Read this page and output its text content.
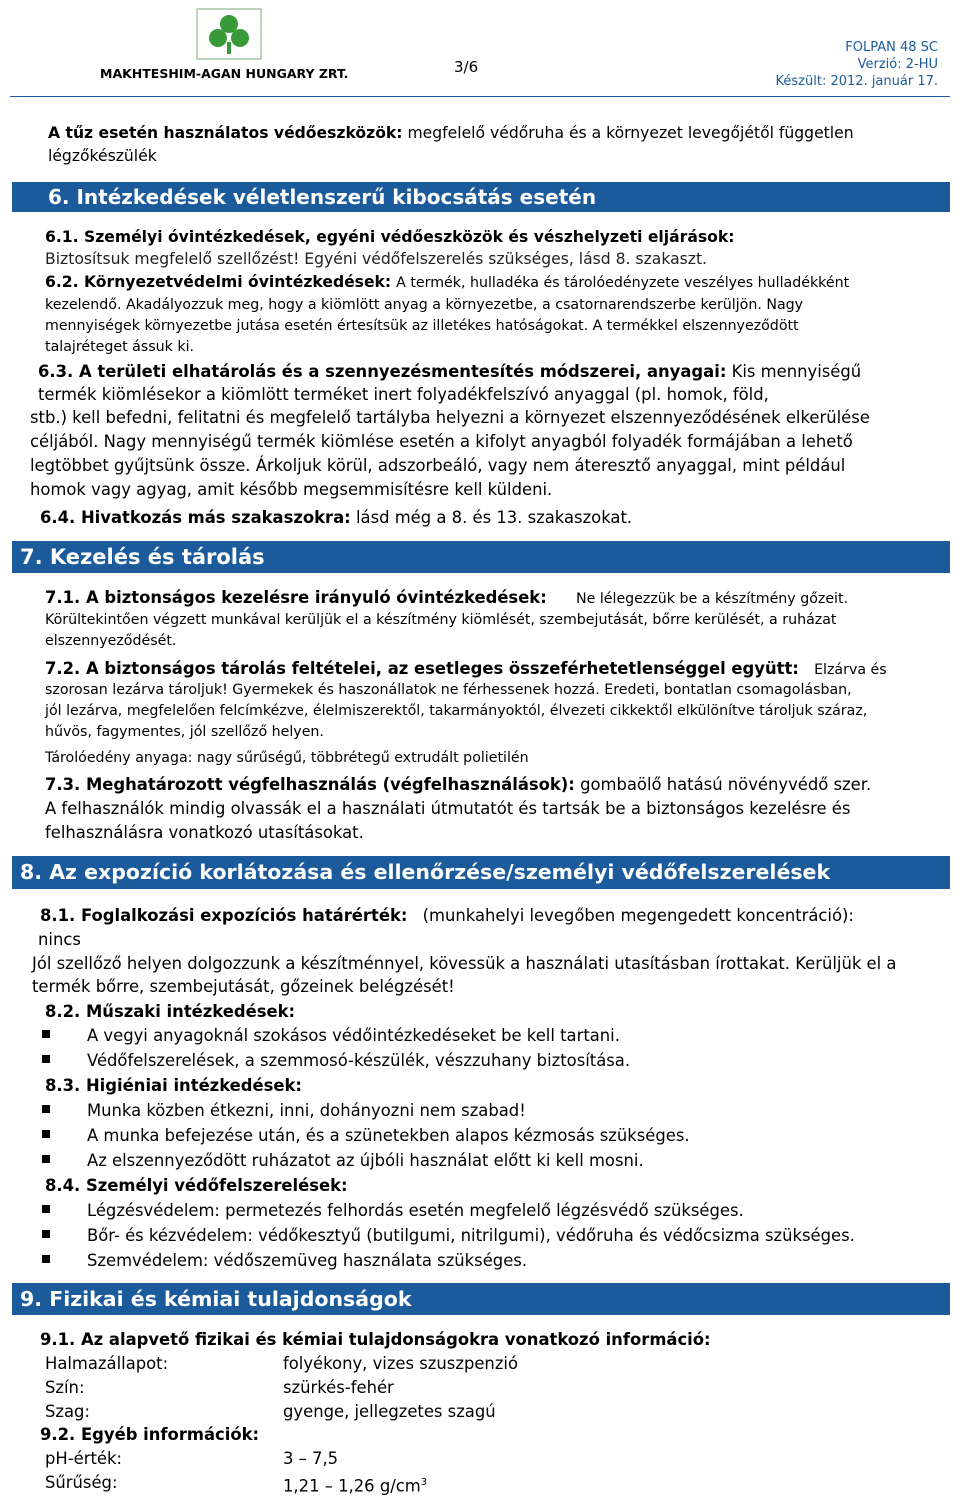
MAKHTESHIM-AGAN HUNGARY ZRT.	3/6
FOLPAN 48 SC
Verzió: 2-HU
Készült: 2012. január 17.
A tűz esetén használatos védőeszközök: megfelelő védőruha és a környezet levegőjétől független
légzőkészülék
6. Intézkedések véletlenszerű kibocsátás esetén
6.1. Személyi óvintézkedések, egyéni védőeszközök és vészhelyzeti eljárások:
Biztosítsuk megfelelő szellőzést! Egyéni védőfelszerelés szükséges, lásd 8. szakaszt.
6.2. Környezetvédelmi óvintézkedések: A termék, hulladéka és tárolóedényzete veszélyes hulladékként
kezelendő. Akadályozzuk meg, hogy a kiömlött anyag a környezetbe, a csatornarendszerbe kerüljön. Nagy
mennyiségek környezetbe jutása esetén értesítsük az illetékes hatóságokat. A termékkel elszennyeződött
talajréteget ássuk ki.
6.3. A területi elhatárolás és a szennyezésmentesítés módszerei, anyagai: Kis mennyiségű
termék kiömlésekor a kiömlött terméket inert folyadékfelszívó anyaggal (pl. homok, föld,
stb.) kell befedni, felitatni és megfelelő tartályba helyezni a környezet elszennyeződésének elkerülése
céljából. Nagy mennyiségű termék kiömlése esetén a kifolyt anyagból folyadék formájában a lehető
legtöbbet gyűjtsünk össze. Árkoljuk körül, adszorbeáló, vagy nem áteresztő anyaggal, mint például
homok vagy agyag, amit később megsemmisítésre kell küldeni.
6.4. Hivatkozás más szakaszokra: lásd még a 8. és 13. szakaszokat.
7. Kezelés és tárolás
7.1. A biztonságos kezelésre irányuló óvintézkedések: Ne lélegezzük be a készítmény gőzeit.
Körültekintően végzett munkával kerüljük el a készítmény kiömlését, szembejutását, bőrre kerülését, a ruházat
elszennyeződését.
7.2. A biztonságos tárolás feltételei, az esetleges összeférhetetlenséggel együtt: Elzárva és
szorosan lezárva tároljuk! Gyermekek és haszonállatok ne férhessenek hozzá. Eredeti, bontatlan csomagolásban,
jól lezárva, megfelelően felcímkézve, élelmiszerektől, takarmányoktól, élvezeti cikkektől elkülönítve tároljuk száraz,
hűvös, fagymentes, jól szellőző helyen.
Tárolóedény anyaga: nagy sűrűségű, többrétegű extrudált polietilén
7.3. Meghatározott végfelhasználás (végfelhasználások): gombaölő hatású növényvédő szer.
A felhasználók mindig olvassák el a használati útmutatót és tartsák be a biztonságos kezelésre és
felhasználásra vonatkozó utasításokat.
8. Az expozíció korlátozása és ellenőrzése/személyi védőfelszerelések
8.1. Foglalkozási expozíciós határérték: (munkahelyi levegőben megengedett koncentráció):
nincs
Jól szellőző helyen dolgozzunk a készítménnyel, kövessük a használati utasításban írottakat. Kerüljük el a
termék bőrre, szembejutását, gőzeinek belégzését!
8.2. Műszaki intézkedések:
A vegyi anyagoknál szokásos védőintézkedéseket be kell tartani.
Védőfelszerelések, a szemmosó-készülék, vészzuhany biztosítása.
8.3. Higiéniai intézkedések:
Munka közben étkezni, inni, dohányozni nem szabad!
A munka befejezése után, és a szünetekben alapos kézmosás szükséges.
Az elszennyeződött ruházatot az újbóli használat előtt ki kell mosni.
8.4. Személyi védőfelszerelések:
Légzésvédelem: permetezés felhordás esetén megfelelő légzésvédő szükséges.
Bőr- és kézvédelem: védőkesztyű (butilgumi, nitrilgumi), védőruha és védőcsizma szükséges.
Szemvédelem: védőszemüveg használata szükséges.
9. Fizikai és kémiai tulajdonságok
9.1. Az alapvető fizikai és kémiai tulajdonságokra vonatkozó információ:
Halmazállapot:	folyékony, vizes szuszpenzió
Szín:	szürkés-fehér
Szag:	gyenge, jellegzetes szagú
9.2. Egyéb információk:
pH-érték:	3 – 7,5
Sűrűség:	1,21 – 1,26 $g/cm^3$
